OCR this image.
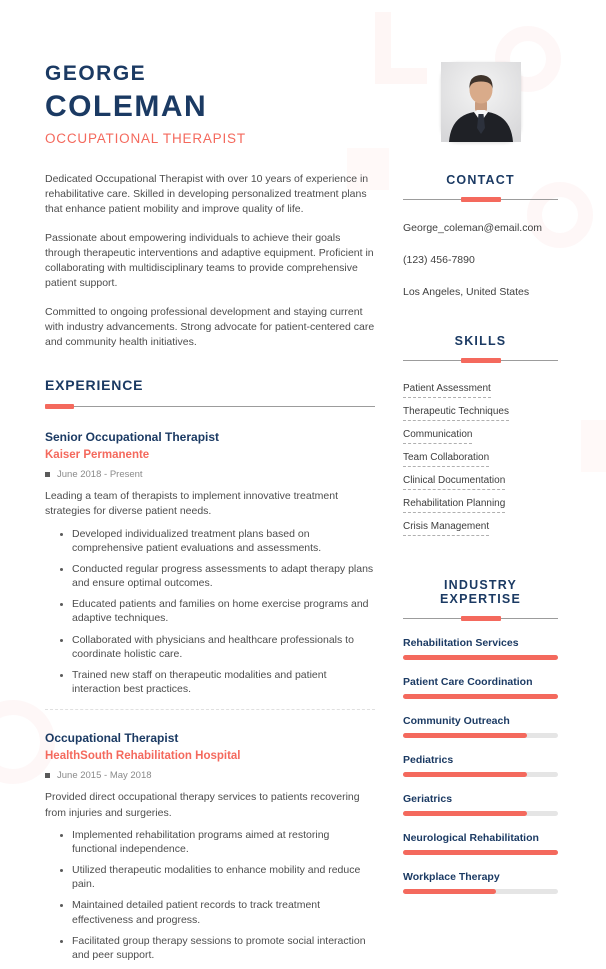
GEORGE
COLEMAN
OCCUPATIONAL THERAPIST

Dedicated Occupational Therapist with over 10 years of experience in rehabilitative care. Skilled in developing personalized treatment plans that enhance patient mobility and improve quality of life.

Passionate about empowering individuals to achieve their goals through therapeutic interventions and adaptive equipment. Proficient in collaborating with multidisciplinary teams to provide comprehensive patient support.

Committed to ongoing professional development and staying current with industry advancements. Strong advocate for patient-centered care and community health initiatives.

EXPERIENCE
Senior Occupational Therapist
Kaiser Permanente
June 2018 - Present
Leading a team of therapists to implement innovative treatment strategies for diverse patient needs.
• Developed individualized treatment plans based on comprehensive patient evaluations and assessments.
• Conducted regular progress assessments to adapt therapy plans and ensure optimal outcomes.
• Educated patients and families on home exercise programs and adaptive techniques.
• Collaborated with physicians and healthcare professionals to coordinate holistic care.
• Trained new staff on therapeutic modalities and patient interaction best practices.
Occupational Therapist
HealthSouth Rehabilitation Hospital
June 2015 - May 2018
Provided direct occupational therapy services to patients recovering from injuries and surgeries.
• Implemented rehabilitation programs aimed at restoring functional independence.
• Utilized therapeutic modalities to enhance mobility and reduce pain.
• Maintained detailed patient records to track treatment effectiveness and progress.
• Facilitated group therapy sessions to promote social interaction and peer support.
CONTACT
George_coleman@email.com
(123) 456-7890
Los Angeles, United States
SKILLS
Patient Assessment
Therapeutic Techniques
Communication
Team Collaboration
Clinical Documentation
Rehabilitation Planning
Crisis Management
INDUSTRY EXPERTISE
Rehabilitation Services
Patient Care Coordination
Community Outreach
Pediatrics
Geriatrics
Neurological Rehabilitation
Workplace Therapy
